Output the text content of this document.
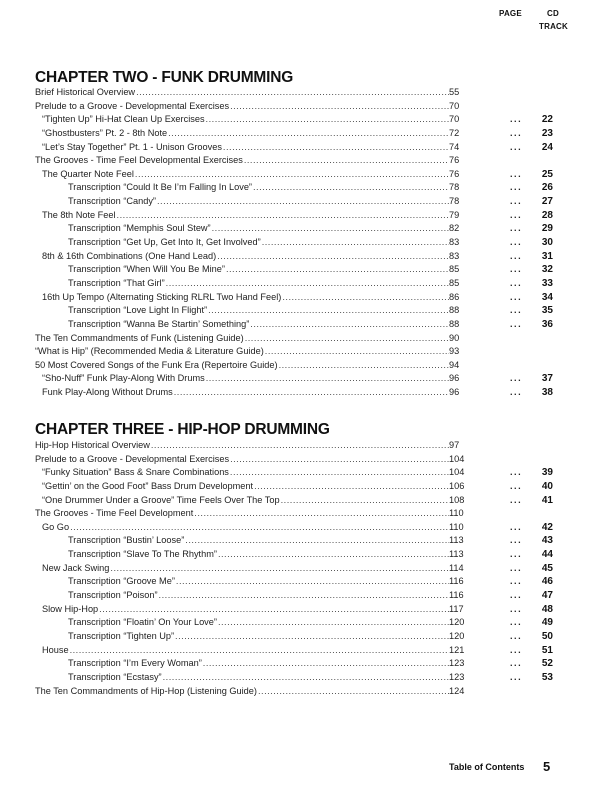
PAGE	CD
TRACK
CHAPTER TWO - FUNK DRUMMING
Brief Historical Overview .....	55
Prelude to a Groove - Developmental Exercises .....	70
“Tighten Up” Hi-Hat Clean Up Exercises .....	70	... 22
“Ghostbusters” Pt. 2 - 8th Note .....	72	... 23
“Let’s Stay Together” Pt. 1 - Unison Grooves .....	74	... 24
The Grooves - Time Feel Developmental Exercises .....	76
The Quarter Note Feel .....	76	... 25
Transcription “Could It Be I’m Falling In Love” .....	78	... 26
Transcription “Candy” .....	78	... 27
The 8th Note Feel .....	79	... 28
Transcription “Memphis Soul Stew” .....	82	... 29
Transcription “Get Up, Get Into It, Get Involved” .....	83	... 30
8th & 16th Combinations (One Hand Lead) .....	83	... 31
Transcription “When Will You Be Mine” .....	85	... 32
Transcription “That Girl” .....	85	... 33
16th Up Tempo (Alternating Sticking RLRL Two Hand Feel) .....	86	... 34
Transcription “Love Light In Flight” .....	88	... 35
Transcription “Wanna Be Startin’ Something” .....	88	... 36
The Ten Commandments of Funk (Listening Guide) .....	90
“What is Hip” (Recommended Media & Literature Guide) .....	93
50 Most Covered Songs of the Funk Era (Repertoire Guide) .....	94
“Sho-Nuff” Funk Play-Along With Drums .....	96	... 37
Funk Play-Along Without Drums .....	96	... 38
CHAPTER THREE - HIP-HOP DRUMMING
Hip-Hop Historical Overview .....	97
Prelude to a Groove - Developmental Exercises .....	104
“Funky Situation” Bass & Snare Combinations .....	104	... 39
“Gettin’ on the Good Foot” Bass Drum Development .....	106	... 40
“One Drummer Under a Groove” Time Feels Over The Top .....	108	... 41
The Grooves - Time Feel Development .....	110
Go Go .....	110	... 42
Transcription “Bustin’ Loose” .....	113	... 43
Transcription “Slave To The Rhythm” .....	113	... 44
New Jack Swing .....	114	... 45
Transcription “Groove Me” .....	116	... 46
Transcription “Poison” .....	116	... 47
Slow Hip-Hop .....	117	... 48
Transcription “Floatin’ On Your Love” .....	120	... 49
Transcription “Tighten Up” .....	120	... 50
House .....	121	... 51
Transcription “I’m Every Woman” .....	123	... 52
Transcription “Ecstasy” .....	123	... 53
The Ten Commandments of Hip-Hop (Listening Guide) .....	124
Table of Contents 5
